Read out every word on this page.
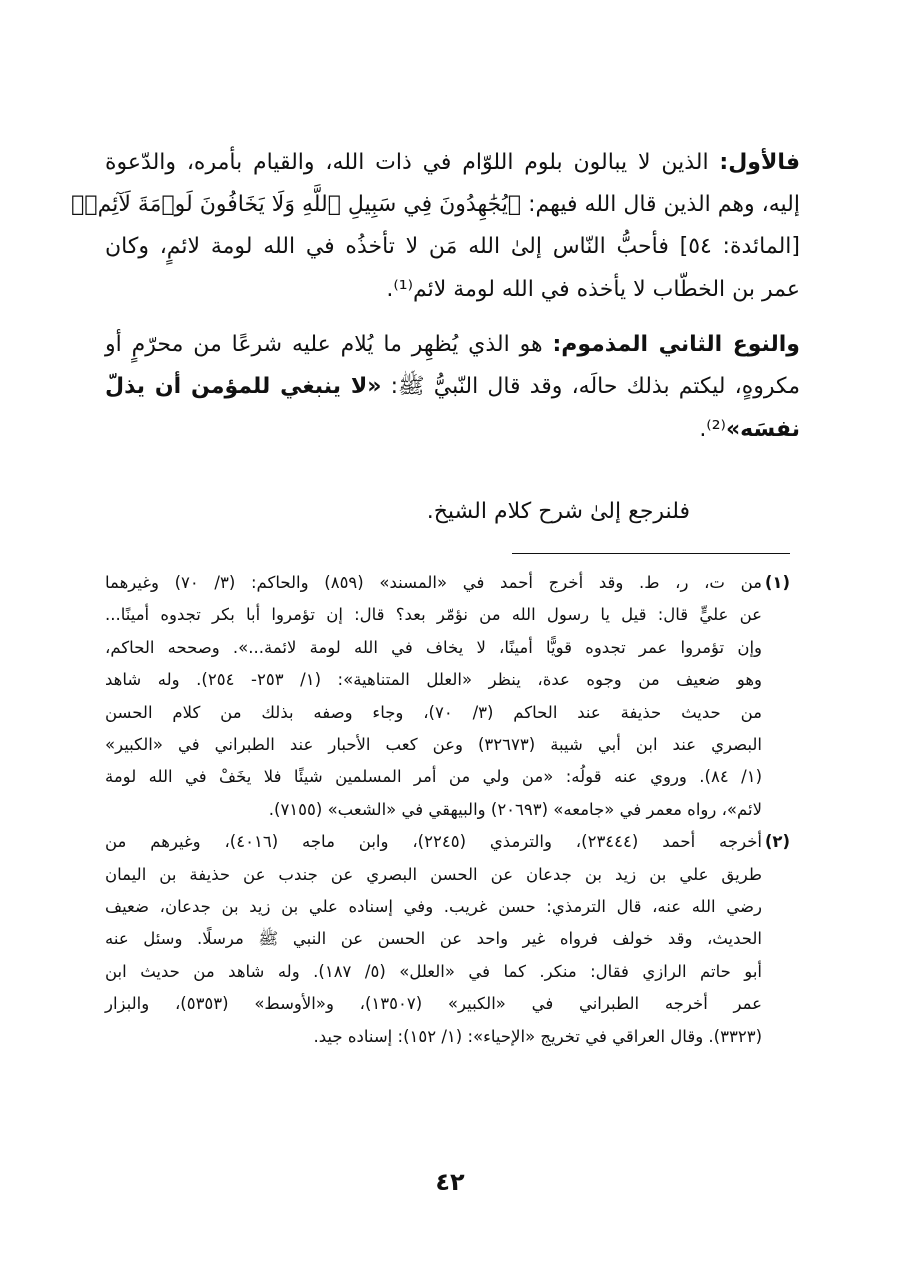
٤٢
فالأول: الذين لا يبالون بلوم اللوّام في ذات الله، والقيام بأمره، والدّعوة
إليه، وهم الذين قال الله فيهم: ﴿يُجَٰهِدُونَ فِي سَبِيلِ ٱللَّهِ وَلَا يَخَافُونَ لَوۡمَةَ لَآئِمٖ﴾
[المائدة: ٥٤] فأحبُّ النّاس إلىٰ الله مَن لا تأخذُه في الله لومة لائمٍ، وكان
عمر بن الخطّاب لا يأخذه في الله لومة لائم⁽¹⁾.
والنوع الثاني المذموم: هو الذي يُظهِر ما يُلام عليه شرعًا من محرّمٍ أو
مكروهٍ، ليكتم بذلك حالَه، وقد قال النّبيُّ ﷺ: «لا ينبغي للمؤمن أن يذلّ
نفسَه»⁽²⁾.
فلنرجع إلىٰ شرح كلام الشيخ.
(١)
من ت، ر، ط. وقد أخرج أحمد في «المسند» (٨٥٩) والحاكم: (٣/ ٧٠) وغيرهما
عن عليٍّ قال: قيل يا رسول الله من نؤمّر بعد؟ قال: إن تؤمروا أبا بكر تجدوه أمينًا...
وإن تؤمروا عمر تجدوه قويًّا أمينًا، لا يخاف في الله لومة لائمة...». وصححه الحاكم،
وهو ضعيف من وجوه عدة، ينظر «العلل المتناهية»: (١/ ٢٥٣- ٢٥٤). وله شاهد
من حديث حذيفة عند الحاكم (٣/ ٧٠)، وجاء وصفه بذلك من كلام الحسن
البصري عند ابن أبي شيبة (٣٢٦٧٣) وعن كعب الأحبار عند الطبراني في «الكبير»
(١/ ٨٤). وروي عنه قولُه: «من ولي من أمر المسلمين شيئًا فلا يخَفْ في الله لومة
لائم»، رواه معمر في «جامعه» (٢٠٦٩٣) والبيهقي في «الشعب» (٧١٥٥).
(٢)
أخرجه أحمد (٢٣٤٤٤)، والترمذي (٢٢٤٥)، وابن ماجه (٤٠١٦)، وغيرهم من
طريق علي بن زيد بن جدعان عن الحسن البصري عن جندب عن حذيفة بن اليمان
رضي الله عنه، قال الترمذي: حسن غريب. وفي إسناده علي بن زيد بن جدعان، ضعيف
الحديث، وقد خولف فرواه غير واحد عن الحسن عن النبي ﷺ مرسلًا. وسئل عنه
أبو حاتم الرازي فقال: منكر. كما في «العلل» (٥/ ١٨٧). وله شاهد من حديث ابن
عمر أخرجه الطبراني في «الكبير» (١٣٥٠٧)، و«الأوسط» (٥٣٥٣)، والبزار
(٣٣٢٣). وقال العراقي في تخريج «الإحياء»: (١/ ١٥٢): إسناده جيد.
